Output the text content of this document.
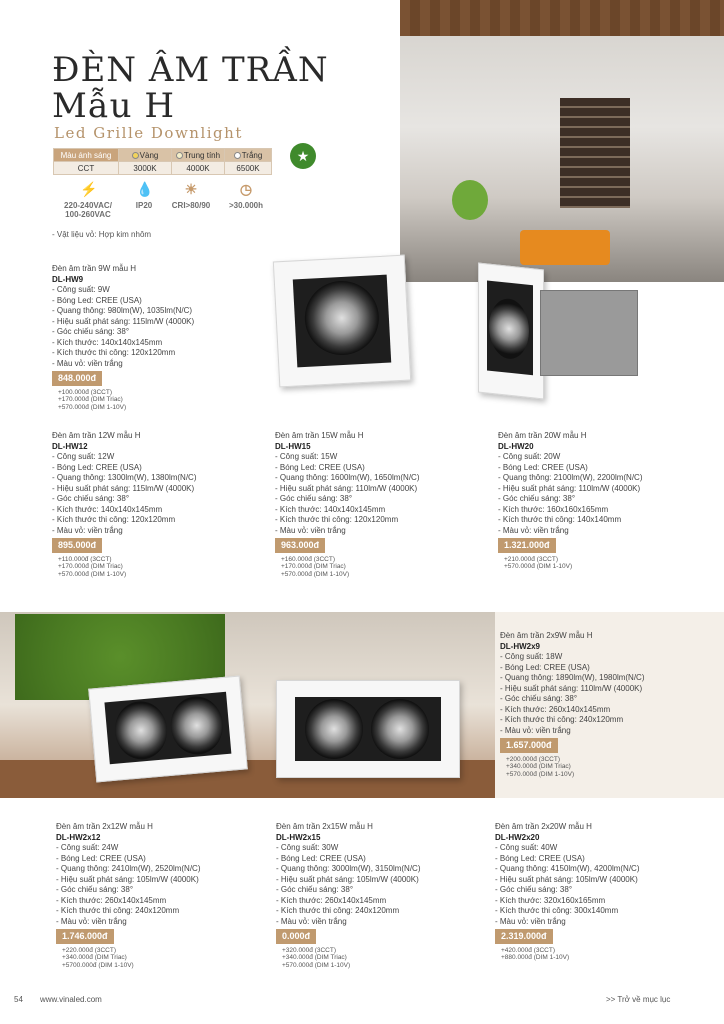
ĐÈN ÂM TRẦN
Mẫu H
Led Grille Downlight
Màu ánh sáng	Vàng	Trung tính	Trắng
CCT	3000K	4000K	6500K
★
⚡
220-240VAC/ 100-260VAC
💧
IP20
☀
CRI>80/90
◷
>30.000h
- Vật liệu vỏ: Hợp kim nhôm
Đèn âm trần 9W mẫu H
DL-HW9
- Công suất: 9W
- Bóng Led: CREE (USA)
- Quang thông: 980lm(W), 1035lm(N/C)
- Hiệu suất phát sáng: 115lm/W (4000K)
- Góc chiếu sáng: 38°
- Kích thước: 140x140x145mm
- Kích thước thi công: 120x120mm
- Màu vỏ: viền trắng
848.000đ
+100.000đ (3CCT)
+170.000đ (DIM Triac)
+570.000đ (DIM 1-10V)
Đèn âm trần 12W mẫu H
DL-HW12
- Công suất: 12W
- Bóng Led: CREE (USA)
- Quang thông: 1300lm(W), 1380lm(N/C)
- Hiệu suất phát sáng: 115lm/W (4000K)
- Góc chiếu sáng: 38°
- Kích thước: 140x140x145mm
- Kích thước thi công: 120x120mm
- Màu vỏ: viền trắng
895.000đ
+110.000đ (3CCT)
+170.000đ (DIM Triac)
+570.000đ (DIM 1-10V)
Đèn âm trần 15W mẫu H
DL-HW15
- Công suất: 15W
- Bóng Led: CREE (USA)
- Quang thông: 1600lm(W), 1650lm(N/C)
- Hiệu suất phát sáng: 110lm/W (4000K)
- Góc chiếu sáng: 38°
- Kích thước: 140x140x145mm
- Kích thước thi công: 120x120mm
- Màu vỏ: viền trắng
963.000đ
+160.000đ (3CCT)
+170.000đ (DIM Triac)
+570.000đ (DIM 1-10V)
Đèn âm trần 20W mẫu H
DL-HW20
- Công suất: 20W
- Bóng Led: CREE (USA)
- Quang thông: 2100lm(W), 2200lm(N/C)
- Hiệu suất phát sáng: 110lm/W (4000K)
- Góc chiếu sáng: 38°
- Kích thước: 160x160x165mm
- Kích thước thi công: 140x140mm
- Màu vỏ: viền trắng
1.321.000đ
+210.000đ (3CCT)
+570.000đ (DIM 1-10V)
Đèn âm trần 2x9W mẫu H
DL-HW2x9
- Công suất: 18W
- Bóng Led: CREE (USA)
- Quang thông: 1890lm(W), 1980lm(N/C)
- Hiệu suất phát sáng: 110lm/W (4000K)
- Góc chiếu sáng: 38°
- Kích thước: 260x140x145mm
- Kích thước thi công: 240x120mm
- Màu vỏ: viền trắng
1.657.000đ
+200.000đ (3CCT)
+340.000đ (DIM Triac)
+570.000đ (DIM 1-10V)
Đèn âm trần 2x12W mẫu H
DL-HW2x12
- Công suất: 24W
- Bóng Led: CREE (USA)
- Quang thông: 2410lm(W), 2520lm(N/C)
- Hiệu suất phát sáng: 105lm/W (4000K)
- Góc chiếu sáng: 38°
- Kích thước: 260x140x145mm
- Kích thước thi công: 240x120mm
- Màu vỏ: viền trắng
1.746.000đ
+220.000đ (3CCT)
+340.000đ (DIM Triac)
+5700.000đ (DIM 1-10V)
Đèn âm trần 2x15W mẫu H
DL-HW2x15
- Công suất: 30W
- Bóng Led: CREE (USA)
- Quang thông: 3000lm(W), 3150lm(N/C)
- Hiệu suất phát sáng: 105lm/W (4000K)
- Góc chiếu sáng: 38°
- Kích thước: 260x140x145mm
- Kích thước thi công: 240x120mm
- Màu vỏ: viền trắng
0.000đ
+320.000đ (3CCT)
+340.000đ (DIM Triac)
+570.000đ (DIM 1-10V)
Đèn âm trần 2x20W mẫu H
DL-HW2x20
- Công suất: 40W
- Bóng Led: CREE (USA)
- Quang thông: 4150lm(W), 4200lm(N/C)
- Hiệu suất phát sáng: 105lm/W (4000K)
- Góc chiếu sáng: 38°
- Kích thước: 320x160x165mm
- Kích thước thi công: 300x140mm
- Màu vỏ: viền trắng
2.319.000đ
+420.000đ (3CCT)
+880.000đ (DIM 1-10V)
54 www.vinaled.com	>> Trở về mục lục
